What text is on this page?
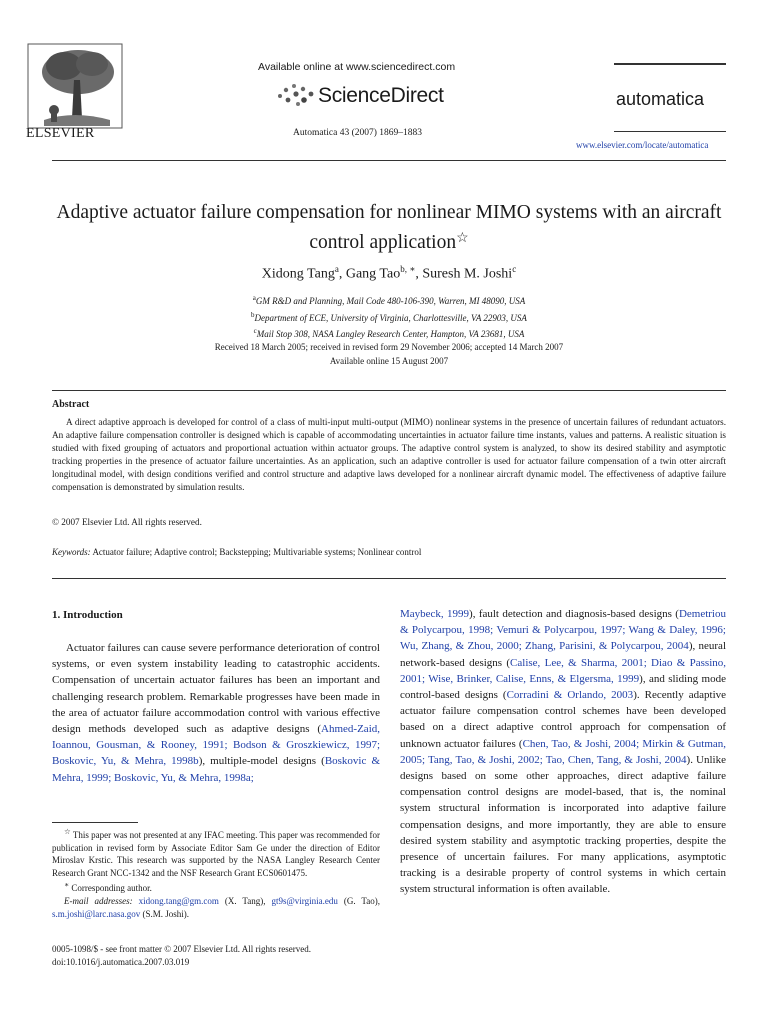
ELSEVIER
Available online at www.sciencedirect.com
ScienceDirect
Automatica 43 (2007) 1869–1883
automatica
www.elsevier.com/locate/automatica
Adaptive actuator failure compensation for nonlinear MIMO systems with an aircraft control application☆
Xidong Tang$^a$, Gang Tao$^{b, ∗}$, Suresh M. Joshi$^c$
$^a$GM R&D and Planning, Mail Code 480-106-390, Warren, MI 48090, USA
$^b$Department of ECE, University of Virginia, Charlottesville, VA 22903, USA
$^c$Mail Stop 308, NASA Langley Research Center, Hampton, VA 23681, USA
Received 18 March 2005; received in revised form 29 November 2006; accepted 14 March 2007
Available online 15 August 2007
Abstract
A direct adaptive approach is developed for control of a class of multi-input multi-output (MIMO) nonlinear systems in the presence of uncertain failures of redundant actuators. An adaptive failure compensation controller is designed which is capable of accommodating uncertainties in actuator failure time instants, values and patterns. A realistic situation is studied with fixed grouping of actuators and proportional actuation within actuator groups. The adaptive control system is analyzed, to show its desired stability and asymptotic tracking properties in the presence of actuator failure uncertainties. As an application, such an adaptive controller is used for actuator failure compensation of a twin otter aircraft longitudinal model, with design conditions verified and control structure and adaptive laws developed for a nonlinear aircraft dynamic model. The effectiveness of adaptive failure compensation is demonstrated by simulation results.
© 2007 Elsevier Ltd. All rights reserved.
Keywords: Actuator failure; Adaptive control; Backstepping; Multivariable systems; Nonlinear control
1. Introduction
Actuator failures can cause severe performance deterioration of control systems, or even system instability leading to catastrophic accidents. Compensation of uncertain actuator failures has been an important and challenging research problem. Remarkable progresses have been made in the area of actuator failure accommodation control with various effective design methods developed such as adaptive designs (Ahmed-Zaid, Ioannou, Gousman, & Rooney, 1991; Bodson & Groszkiewicz, 1997; Boskovic, Yu, & Mehra, 1998b), multiple-model designs (Boskovic & Mehra, 1999; Boskovic, Yu, & Mehra, 1998a;
Maybeck, 1999), fault detection and diagnosis-based designs (Demetriou & Polycarpou, 1998; Vemuri & Polycarpou, 1997; Wang & Daley, 1996; Wu, Zhang, & Zhou, 2000; Zhang, Parisini, & Polycarpou, 2004), neural network-based designs (Calise, Lee, & Sharma, 2001; Diao & Passino, 2001; Wise, Brinker, Calise, Enns, & Elgersma, 1999), and sliding mode control-based designs (Corradini & Orlando, 2003). Recently adaptive actuator failure compensation control schemes have been developed based on a direct adaptive control approach for compensation of unknown actuator failures (Chen, Tao, & Joshi, 2004; Mirkin & Gutman, 2005; Tang, Tao, & Joshi, 2002; Tao, Chen, Tang, & Joshi, 2004). Unlike designs based on some other approaches, direct adaptive failure compensation control designs are model-based, that is, the nominal system structural information is incorporated into adaptive failure compensation designs, and more importantly, they are able to ensure desired system stability and asymptotic tracking properties, despite the presence of uncertain failures. For many applications, asymptotic tracking is a desirable property of control systems in which certain system structural information is often available.

☆ This paper was not presented at any IFAC meeting. This paper was recommended for publication in revised form by Associate Editor Sam Ge under the direction of Editor Miroslav Krstic. This research was supported by the NASA Langley Research Center Research Grant NCC-1342 and the NSF Research Grant ECS0601475.

∗ Corresponding author.

E-mail addresses: xidong.tang@gm.com (X. Tang), gt9s@virginia.edu (G. Tao), s.m.joshi@larc.nasa.gov (S.M. Joshi).

0005-1098/$ - see front matter © 2007 Elsevier Ltd. All rights reserved.
doi:10.1016/j.automatica.2007.03.019
